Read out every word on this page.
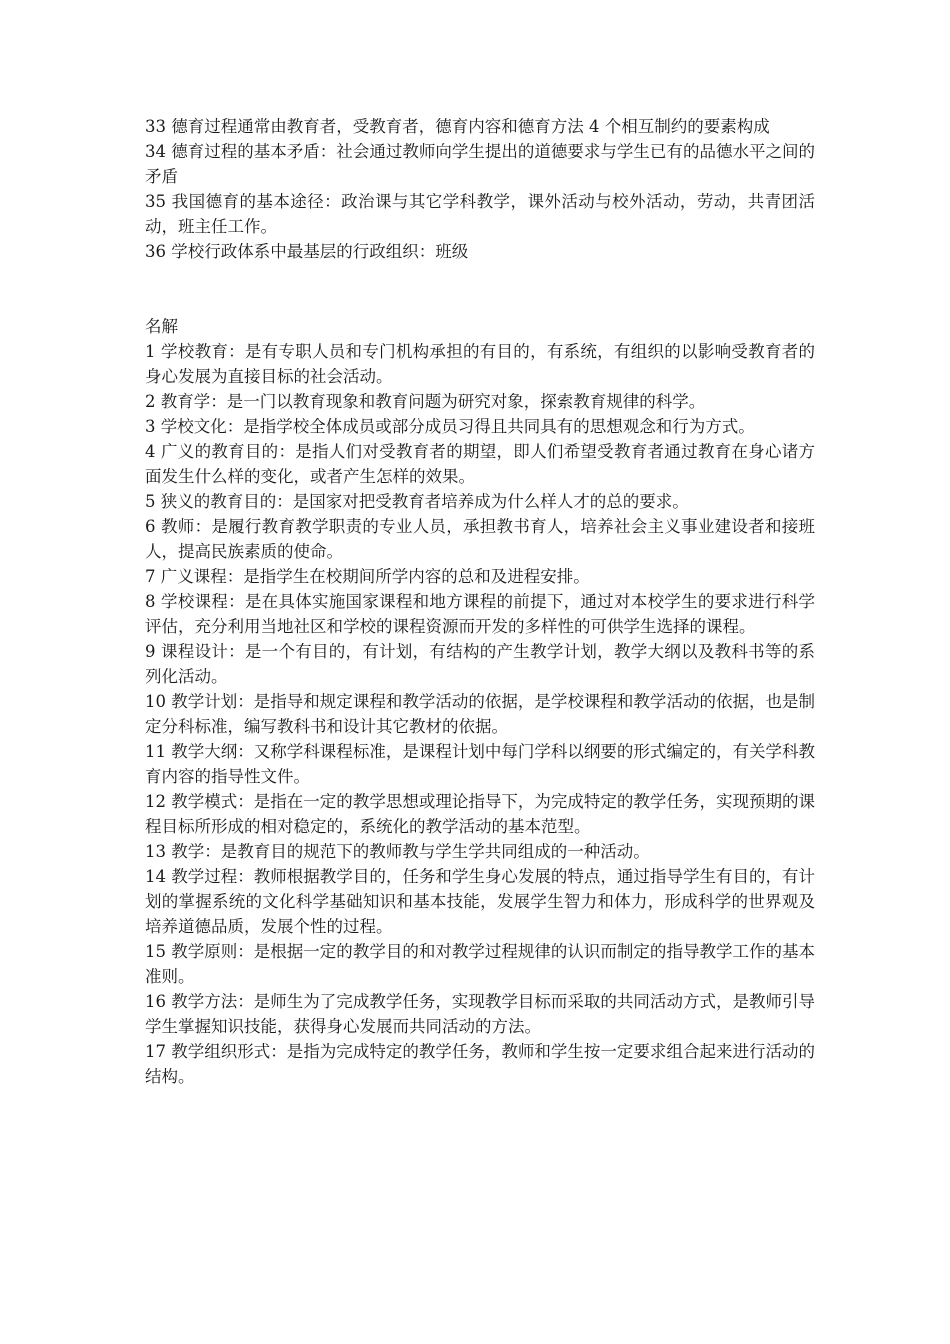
33 德育过程通常由教育者，受教育者，德育内容和德育方法 4 个相互制约的要素构成

34 德育过程的基本矛盾：社会通过教师向学生提出的道德要求与学生已有的品德水平之间的矛盾

35 我国德育的基本途径：政治课与其它学科教学，课外活动与校外活动，劳动，共青团活动，班主任工作。

36 学校行政体系中最基层的行政组织：班级

名解

1 学校教育：是有专职人员和专门机构承担的有目的，有系统，有组织的以影响受教育者的身心发展为直接目标的社会活动。

2 教育学：是一门以教育现象和教育问题为研究对象，探索教育规律的科学。

3 学校文化：是指学校全体成员或部分成员习得且共同具有的思想观念和行为方式。

4 广义的教育目的：是指人们对受教育者的期望，即人们希望受教育者通过教育在身心诸方面发生什么样的变化，或者产生怎样的效果。

5 狭义的教育目的：是国家对把受教育者培养成为什么样人才的总的要求。

6 教师：是履行教育教学职责的专业人员，承担教书育人，培养社会主义事业建设者和接班人，提高民族素质的使命。

7 广义课程：是指学生在校期间所学内容的总和及进程安排。

8 学校课程：是在具体实施国家课程和地方课程的前提下，通过对本校学生的要求进行科学评估，充分利用当地社区和学校的课程资源而开发的多样性的可供学生选择的课程。

9 课程设计：是一个有目的，有计划，有结构的产生教学计划，教学大纲以及教科书等的系列化活动。

10 教学计划：是指导和规定课程和教学活动的依据，是学校课程和教学活动的依据，也是制定分科标准，编写教科书和设计其它教材的依据。

11 教学大纲：又称学科课程标准，是课程计划中每门学科以纲要的形式编定的，有关学科教育内容的指导性文件。

12 教学模式：是指在一定的教学思想或理论指导下，为完成特定的教学任务，实现预期的课程目标所形成的相对稳定的，系统化的教学活动的基本范型。

13 教学：是教育目的规范下的教师教与学生学共同组成的一种活动。

14 教学过程：教师根据教学目的，任务和学生身心发展的特点，通过指导学生有目的，有计划的掌握系统的文化科学基础知识和基本技能，发展学生智力和体力，形成科学的世界观及培养道德品质，发展个性的过程。

15 教学原则：是根据一定的教学目的和对教学过程规律的认识而制定的指导教学工作的基本准则。

16 教学方法：是师生为了完成教学任务，实现教学目标而采取的共同活动方式，是教师引导学生掌握知识技能，获得身心发展而共同活动的方法。

17 教学组织形式：是指为完成特定的教学任务，教师和学生按一定要求组合起来进行活动的结构。
